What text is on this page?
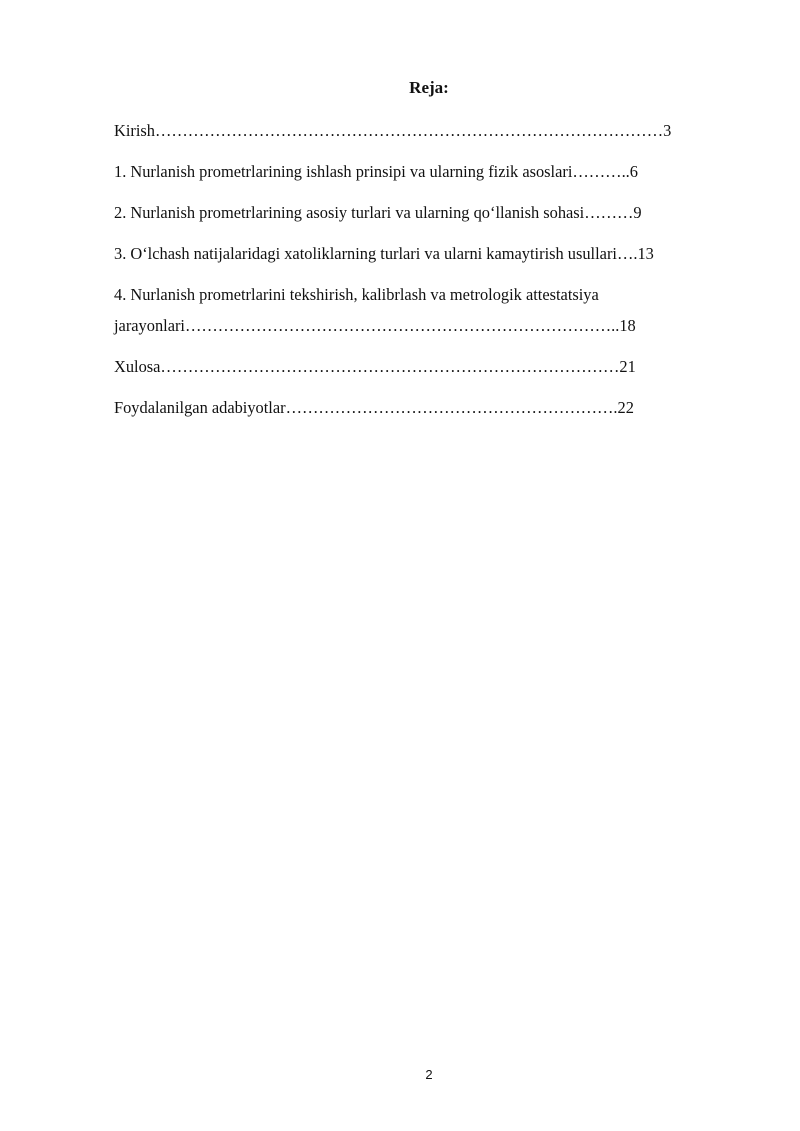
Reja:
Kirish…………………………………………………………………………………3
1. Nurlanish prometrlarining ishlash prinsipi va ularning fizik asoslari………..6
2. Nurlanish prometrlarining asosiy turlari va ularning qo‘llanish sohasi………9
3. O‘lchash natijalaridagi xatoliklarning turlari va ularni kamaytirish usullari….13
4. Nurlanish prometrlarini tekshirish, kalibrlash va metrologik attestatsiya
jarayonlari……………………………………………………………………..18
Xulosa…………………………………………………………………………21
Foydalanilgan adabiyotlar…………………………………………………….22
2
